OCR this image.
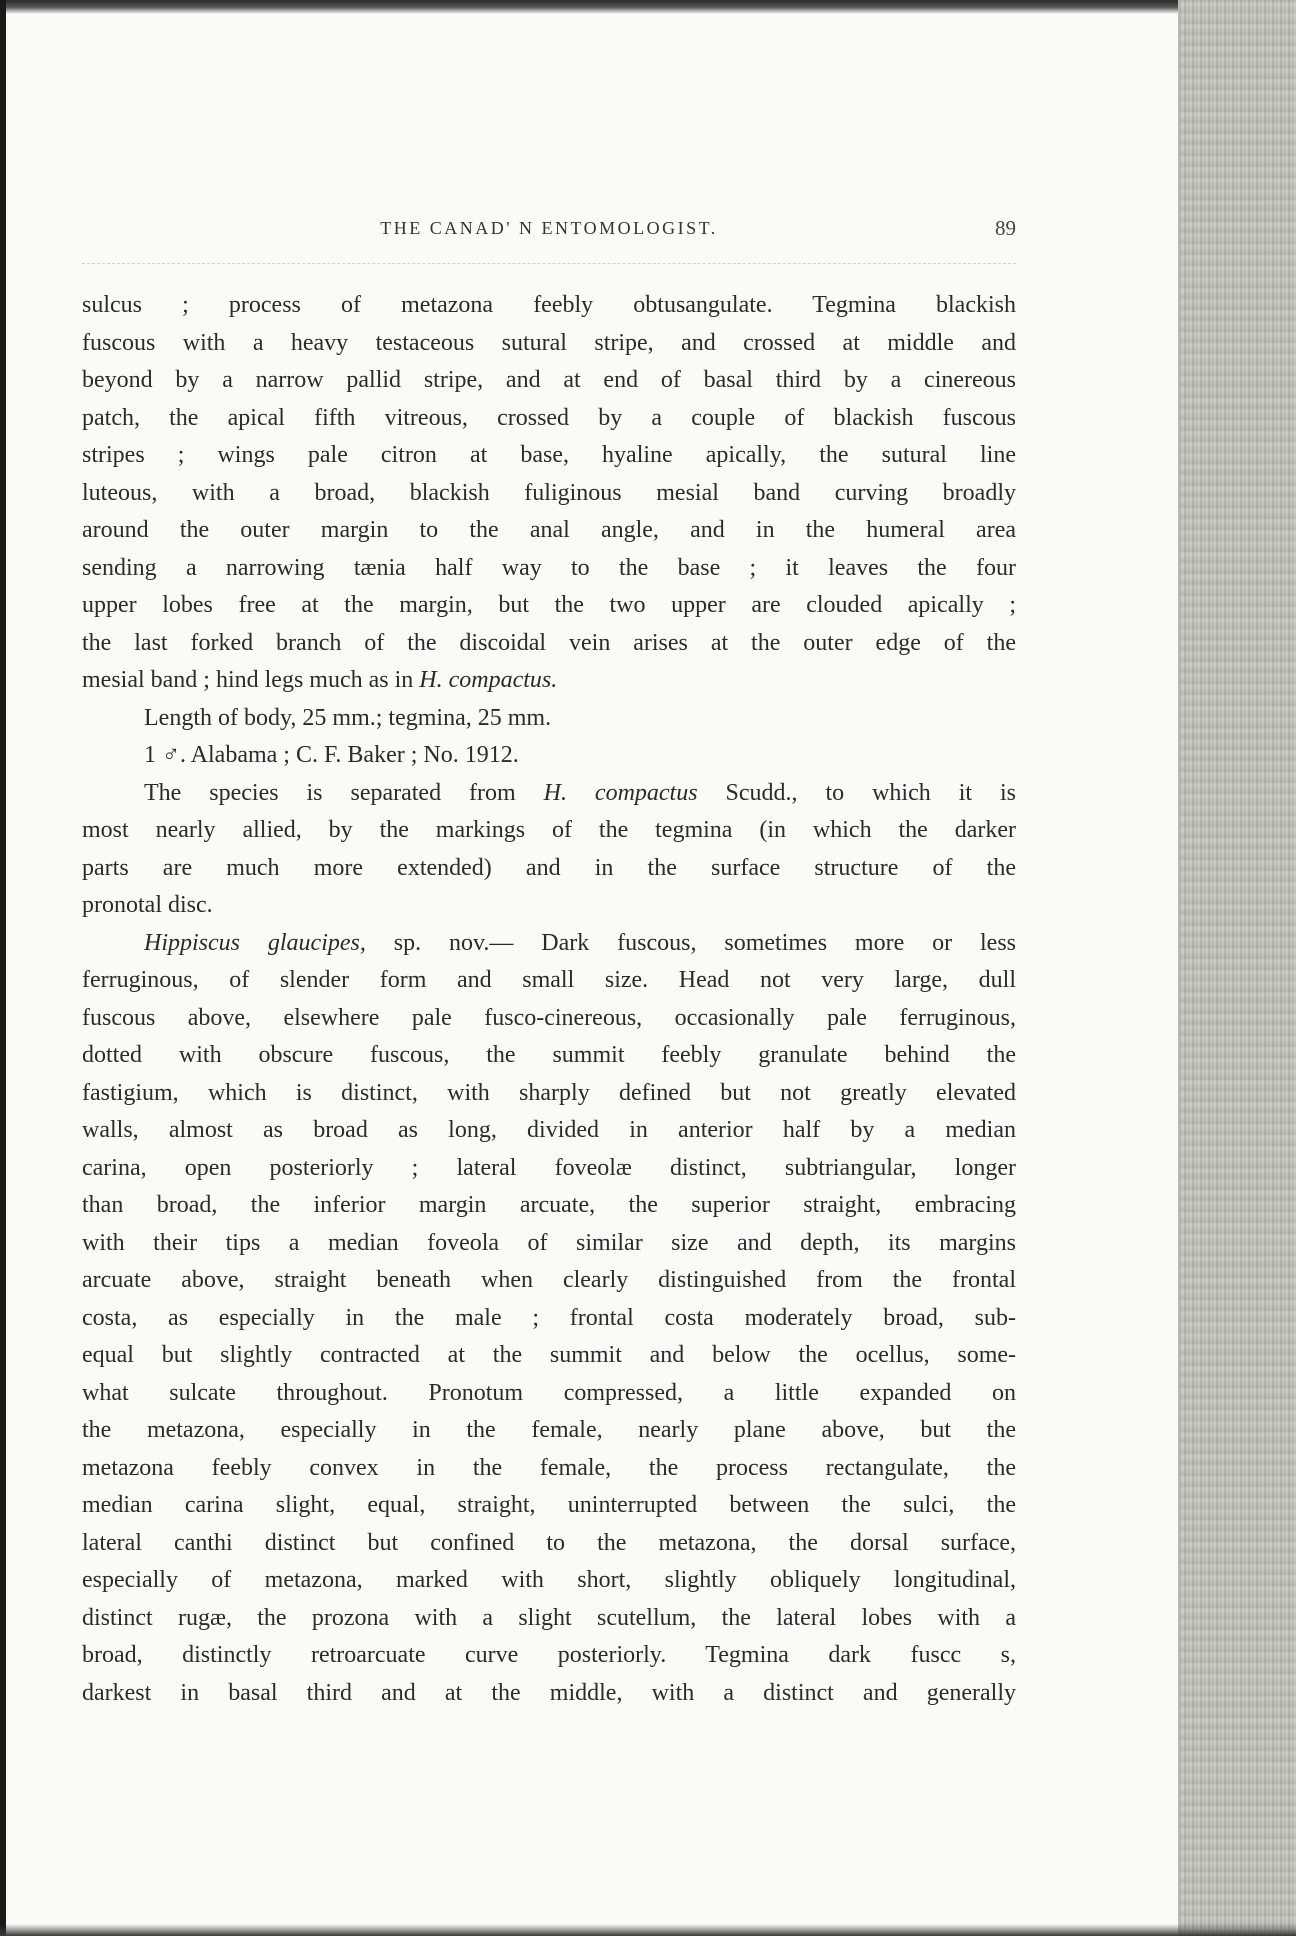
THE CANAD' N ENTOMOLOGIST.	89
sulcus ; process of metazona feebly obtusangulate. Tegmina blackish
fuscous with a heavy testaceous sutural stripe, and crossed at middle and
beyond by a narrow pallid stripe, and at end of basal third by a cinereous
patch, the apical fifth vitreous, crossed by a couple of blackish fuscous
stripes ; wings pale citron at base, hyaline apically, the sutural line
luteous, with a broad, blackish fuliginous mesial band curving broadly
around the outer margin to the anal angle, and in the humeral area
sending a narrowing tænia half way to the base ; it leaves the four
upper lobes free at the margin, but the two upper are clouded apically ;
the last forked branch of the discoidal vein arises at the outer edge of the
mesial band ; hind legs much as in H. compactus.
Length of body, 25 mm.; tegmina, 25 mm.
1 ♂. Alabama ; C. F. Baker ; No. 1912.
The species is separated from H. compactus Scudd., to which it is
most nearly allied, by the markings of the tegmina (in which the darker
parts are much more extended) and in the surface structure of the
pronotal disc.
Hippiscus glaucipes, sp. nov.— Dark fuscous, sometimes more or less
ferruginous, of slender form and small size. Head not very large, dull
fuscous above, elsewhere pale fusco-cinereous, occasionally pale ferruginous,
dotted with obscure fuscous, the summit feebly granulate behind the
fastigium, which is distinct, with sharply defined but not greatly elevated
walls, almost as broad as long, divided in anterior half by a median
carina, open posteriorly ; lateral foveolæ distinct, subtriangular, longer
than broad, the inferior margin arcuate, the superior straight, embracing
with their tips a median foveola of similar size and depth, its margins
arcuate above, straight beneath when clearly distinguished from the frontal
costa, as especially in the male ; frontal costa moderately broad, sub-
equal but slightly contracted at the summit and below the ocellus, some-
what sulcate throughout. Pronotum compressed, a little expanded on
the metazona, especially in the female, nearly plane above, but the
metazona feebly convex in the female, the process rectangulate, the
median carina slight, equal, straight, uninterrupted between the sulci, the
lateral canthi distinct but confined to the metazona, the dorsal surface,
especially of metazona, marked with short, slightly obliquely longitudinal,
distinct rugæ, the prozona with a slight scutellum, the lateral lobes with a
broad, distinctly retroarcuate curve posteriorly. Tegmina dark fuscc s,
darkest in basal third and at the middle, with a distinct and generally
